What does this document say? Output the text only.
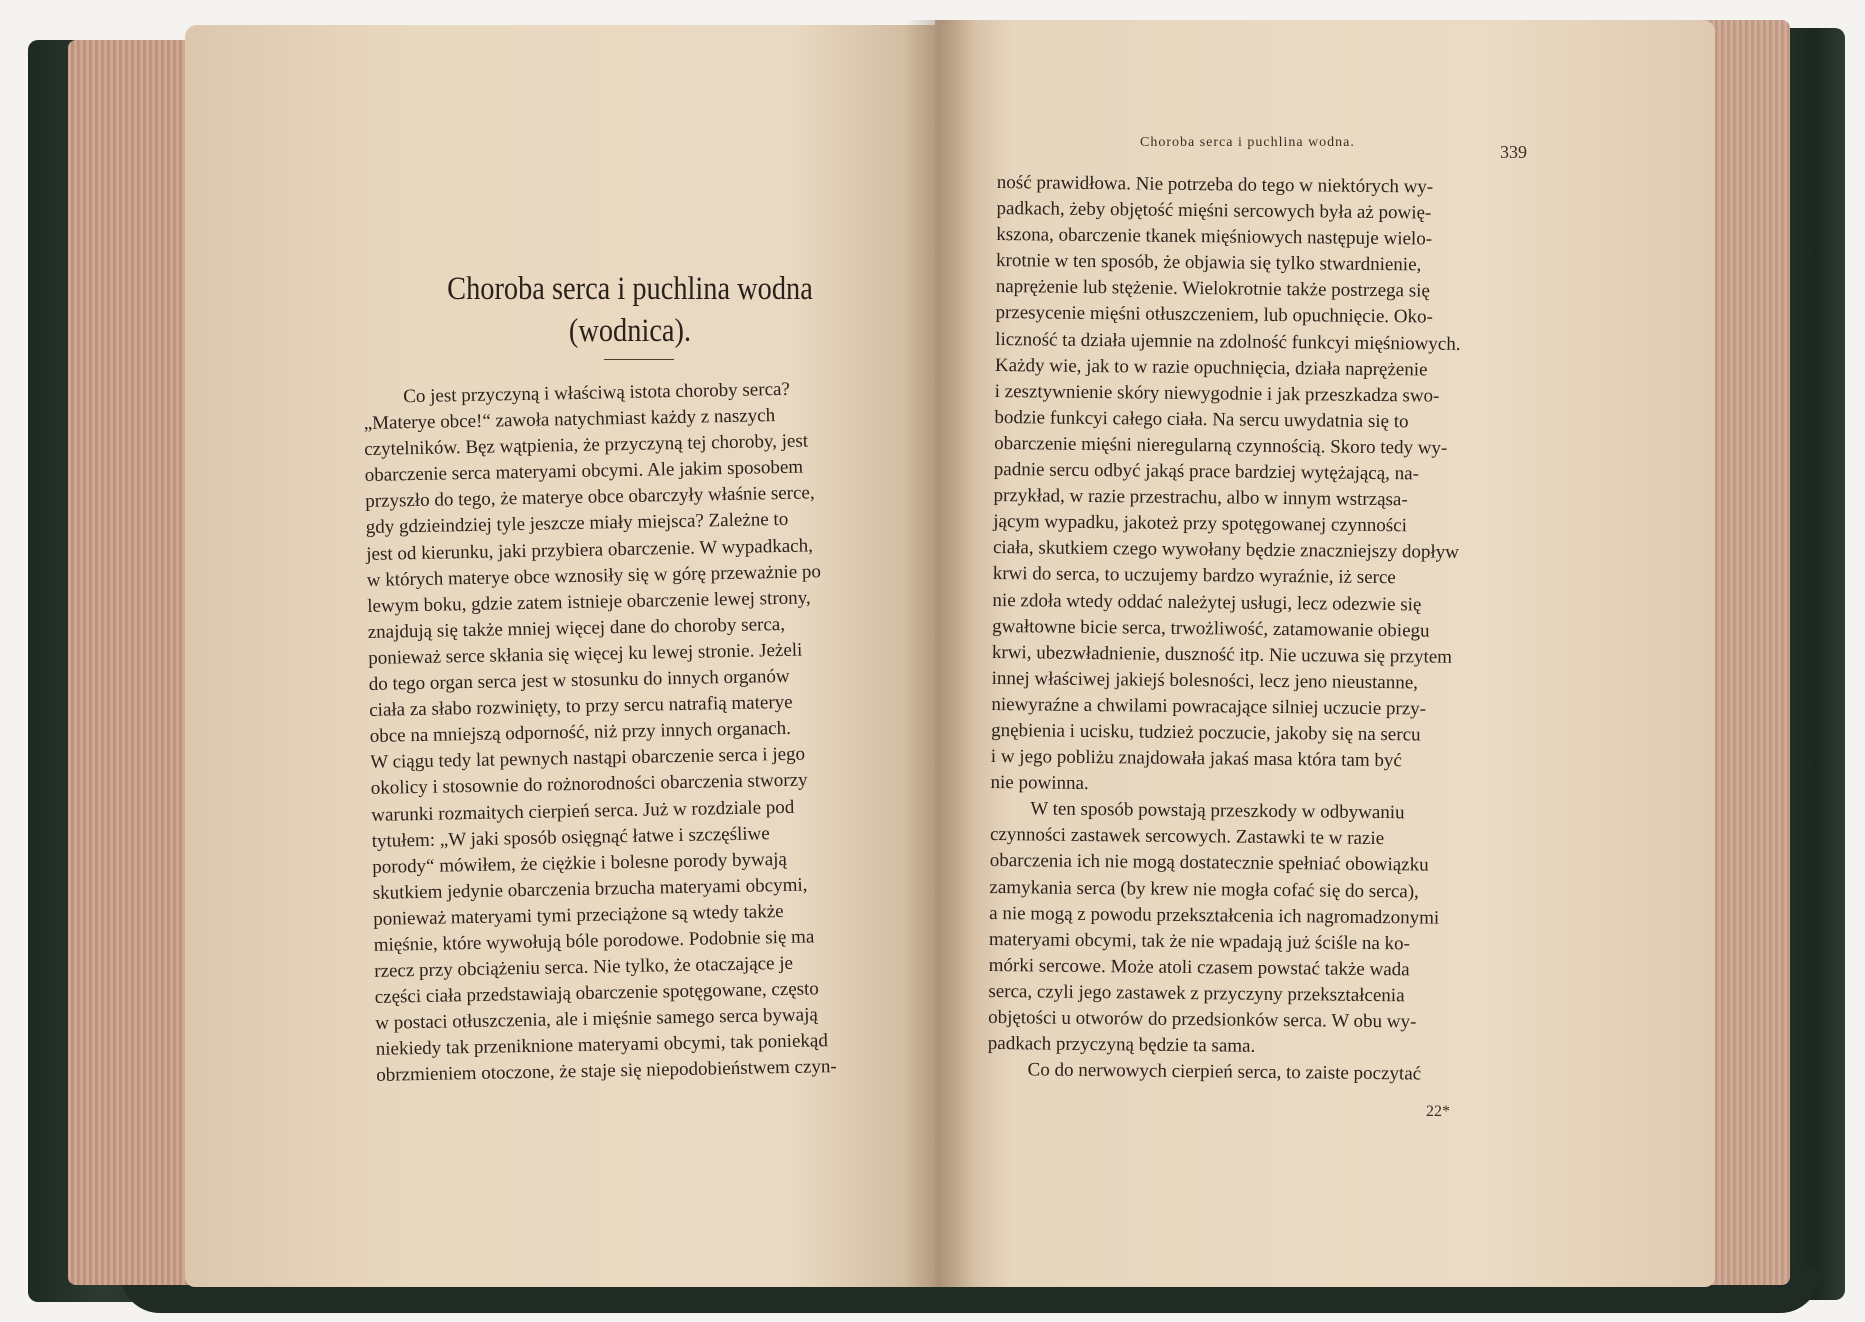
Choroba serca i puchlina wodna
(wodnica).
Co jest przyczyną i właściwą istota choroby serca?
„Materye obce!“ zawoła natychmiast każdy z naszych
czytelników. Bęz wątpienia, że przyczyną tej choroby, jest
obarczenie serca materyami obcymi. Ale jakim sposobem
przyszło do tego, że materye obce obarczyły właśnie serce,
gdy gdzieindziej tyle jeszcze miały miejsca? Zależne to
jest od kierunku, jaki przybiera obarczenie. W wypadkach,
w których materye obce wznosiły się w górę przeważnie po
lewym boku, gdzie zatem istnieje obarczenie lewej strony,
znajdują się także mniej więcej dane do choroby serca,
ponieważ serce skłania się więcej ku lewej stronie. Jeżeli
do tego organ serca jest w stosunku do innych organów
ciała za słabo rozwinięty, to przy sercu natrafią materye
obce na mniejszą odporność, niż przy innych organach.
W ciągu tedy lat pewnych nastąpi obarczenie serca i jego
okolicy i stosownie do rożnorodności obarczenia stworzy
warunki rozmaitych cierpień serca. Już w rozdziale pod
tytułem: „W jaki sposób osięgnąć łatwe i szczęśliwe
porody“ mówiłem, że ciężkie i bolesne porody bywają
skutkiem jedynie obarczenia brzucha materyami obcymi,
ponieważ materyami tymi przeciążone są wtedy także
mięśnie, które wywołują bóle porodowe. Podobnie się ma
rzecz przy obciążeniu serca. Nie tylko, że otaczające je
części ciała przedstawiają obarczenie spotęgowane, często
w postaci otłuszczenia, ale i mięśnie samego serca bywają
niekiedy tak przeniknione materyami obcymi, tak poniekąd
obrzmieniem otoczone, że staje się niepodobieństwem czyn-
Choroba serca i puchlina wodna.	339
ność prawidłowa. Nie potrzeba do tego w niektórych wy-
padkach, żeby objętość mięśni sercowych była aż powię-
kszona, obarczenie tkanek mięśniowych następuje wielo-
krotnie w ten sposób, że objawia się tylko stwardnienie,
naprężenie lub stężenie. Wielokrotnie także postrzega się
przesycenie mięśni otłuszczeniem, lub opuchnięcie. Oko-
liczność ta działa ujemnie na zdolność funkcyi mięśniowych.
Każdy wie, jak to w razie opuchnięcia, działa naprężenie
i zesztywnienie skóry niewygodnie i jak przeszkadza swo-
bodzie funkcyi całego ciała. Na sercu uwydatnia się to
obarczenie mięśni nieregularną czynnością. Skoro tedy wy-
padnie sercu odbyć jakąś prace bardziej wytężającą, na-
przykład, w razie przestrachu, albo w innym wstrząsa-
jącym wypadku, jakoteż przy spotęgowanej czynności
ciała, skutkiem czego wywołany będzie znaczniejszy dopływ
krwi do serca, to uczujemy bardzo wyraźnie, iż serce
nie zdoła wtedy oddać należytej usługi, lecz odezwie się
gwałtowne bicie serca, trwożliwość, zatamowanie obiegu
krwi, ubezwładnienie, duszność itp. Nie uczuwa się przytem
innej właściwej jakiejś bolesności, lecz jeno nieustanne,
niewyraźne a chwilami powracające silniej uczucie przy-
gnębienia i ucisku, tudzież poczucie, jakoby się na sercu
i w jego pobliżu znajdowała jakaś masa która tam być
nie powinna.
W ten sposób powstają przeszkody w odbywaniu
czynności zastawek sercowych. Zastawki te w razie
obarczenia ich nie mogą dostatecznie spełniać obowiązku
zamykania serca (by krew nie mogła cofać się do serca),
a nie mogą z powodu przekształcenia ich nagromadzonymi
materyami obcymi, tak że nie wpadają już ściśle na ko-
mórki sercowe. Może atoli czasem powstać także wada
serca, czyli jego zastawek z przyczyny przekształcenia
objętości u otworów do przedsionków serca. W obu wy-
padkach przyczyną będzie ta sama.
Co do nerwowych cierpień serca, to zaiste poczytać
22*
